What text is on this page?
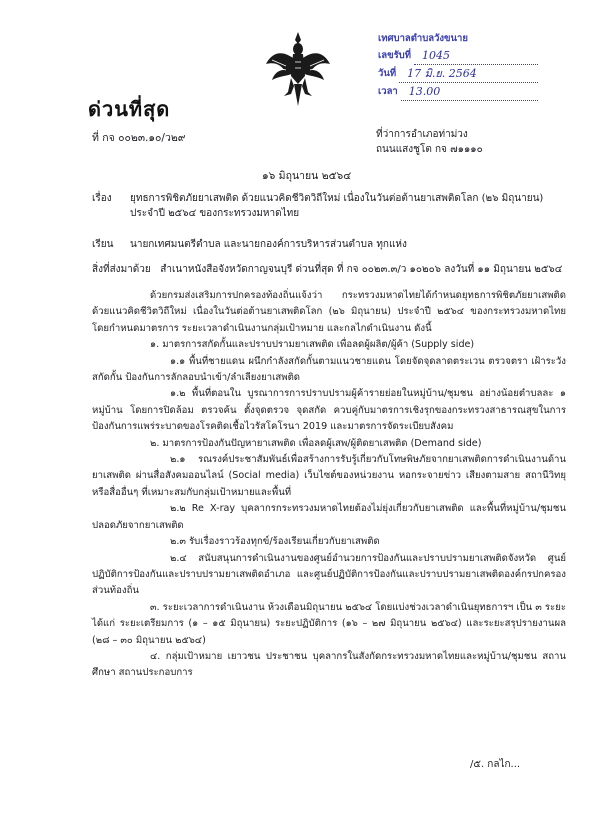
เทศบาลตำบลวังขนาย
เลขรับที่	1045
วันที่	17 มิ.ย. 2564
เวลา	13.00
ด่วนที่สุด
ที่ กจ ๐๐๒๓.๑๐/ว๒๙	ที่ว่าการอำเภอท่าม่วง
ถนนแสงชูโต กจ ๗๑๑๑๐
๑๖ มิถุนายน ๒๕๖๔
เรื่อง ยุทธการพิชิตภัยยาเสพติด ด้วยแนวคิดชีวิตวิถีใหม่ เนื่องในวันต่อต้านยาเสพติดโลก (๒๖ มิถุนายน)
ประจำปี ๒๕๖๔ ของกระทรวงมหาดไทย
เรียน นายกเทศมนตรีตำบล และนายกองค์การบริหารส่วนตำบล ทุกแห่ง
สิ่งที่ส่งมาด้วย สำเนาหนังสือจังหวัดกาญจนบุรี ด่วนที่สุด ที่ กจ ๐๐๒๓.๓/ว ๑๐๒๐๖ ลงวันที่ ๑๑ มิถุนายน ๒๕๖๔

ด้วยกรมส่งเสริมการปกครองท้องถิ่นแจ้งว่า กระทรวงมหาดไทยได้กำหนดยุทธการพิชิตภัยยาเสพติด ด้วยแนวคิดชีวิตวิถีใหม่ เนื่องในวันต่อต้านยาเสพติดโลก (๒๖ มิถุนายน) ประจำปี ๒๕๖๔ ของกระทรวงมหาดไทย โดยกำหนดมาตรการ ระยะเวลาดำเนินงานกลุ่มเป้าหมาย และกลไกดำเนินงาน ดังนี้

๑. มาตรการสกัดกั้นและปราบปรามยาเสพติด เพื่อลดผู้ผลิต/ผู้ค้า (Supply side)

๑.๑ พื้นที่ชายแดน ผนึกกำลังสกัดกั้นตามแนวชายแดน โดยจัดจุดลาดตระเวน ตรวจตรา เฝ้าระวัง สกัดกั้น ป้องกันการลักลอบนำเข้า/ลำเลียงยาเสพติด

๑.๒ พื้นที่ตอนใน บูรณาการการปราบปรามผู้ค้ารายย่อยในหมู่บ้าน/ชุมชน อย่างน้อยตำบลละ ๑ หมู่บ้าน โดยการปิดล้อม ตรวจค้น ตั้งจุดตรวจ จุดสกัด ควบคู่กับมาตรการเชิงรุกของกระทรวงสาธารณสุขในการป้องกันการแพร่ระบาดของโรคติดเชื้อไวรัสโคโรนา 2019 และมาตรการจัดระเบียบสังคม

๒. มาตรการป้องกันปัญหายาเสพติด เพื่อลดผู้เสพ/ผู้ติดยาเสพติด (Demand side)

๒.๑ รณรงค์ประชาสัมพันธ์เพื่อสร้างการรับรู้เกี่ยวกับโทษพิษภัยจากยาเสพติดการดำเนินงานด้านยาเสพติด ผ่านสื่อสังคมออนไลน์ (Social media) เว็บไซต์ของหน่วยงาน หอกระจายข่าว เสียงตามสาย สถานีวิทยุ หรือสื่ออื่นๆ ที่เหมาะสมกับกลุ่มเป้าหมายและพื้นที่

๒.๒ Re X-ray บุคลากรกระทรวงมหาดไทยต้องไม่ยุ่งเกี่ยวกับยาเสพติด และพื้นที่หมู่บ้าน/ชุมชนปลอดภัยจากยาเสพติด

๒.๓ รับเรื่องราวร้องทุกข์/ร้องเรียนเกี่ยวกับยาเสพติด

๒.๔ สนับสนุนการดำเนินงานของศูนย์อำนวยการป้องกันและปราบปรามยาเสพติดจังหวัด ศูนย์ปฏิบัติการป้องกันและปราบปรามยาเสพติดอำเภอ และศูนย์ปฏิบัติการป้องกันและปราบปรามยาเสพติดองค์กรปกครองส่วนท้องถิ่น

๓. ระยะเวลาการดำเนินงาน ห้วงเดือนมิถุนายน ๒๕๖๔ โดยแบ่งช่วงเวลาดำเนินยุทธการฯ เป็น ๓ ระยะ ได้แก่ ระยะเตรียมการ (๑ – ๑๕ มิถุนายน) ระยะปฏิบัติการ (๑๖ – ๒๗ มิถุนายน ๒๕๖๔) และระยะสรุปรายงานผล (๒๘ – ๓๐ มิถุนายน ๒๕๖๔)

๔. กลุ่มเป้าหมาย เยาวชน ประชาชน บุคลากรในสังกัดกระทรวงมหาดไทยและหมู่บ้าน/ชุมชน สถานศึกษา สถานประกอบการ

/๕. กลไก...
